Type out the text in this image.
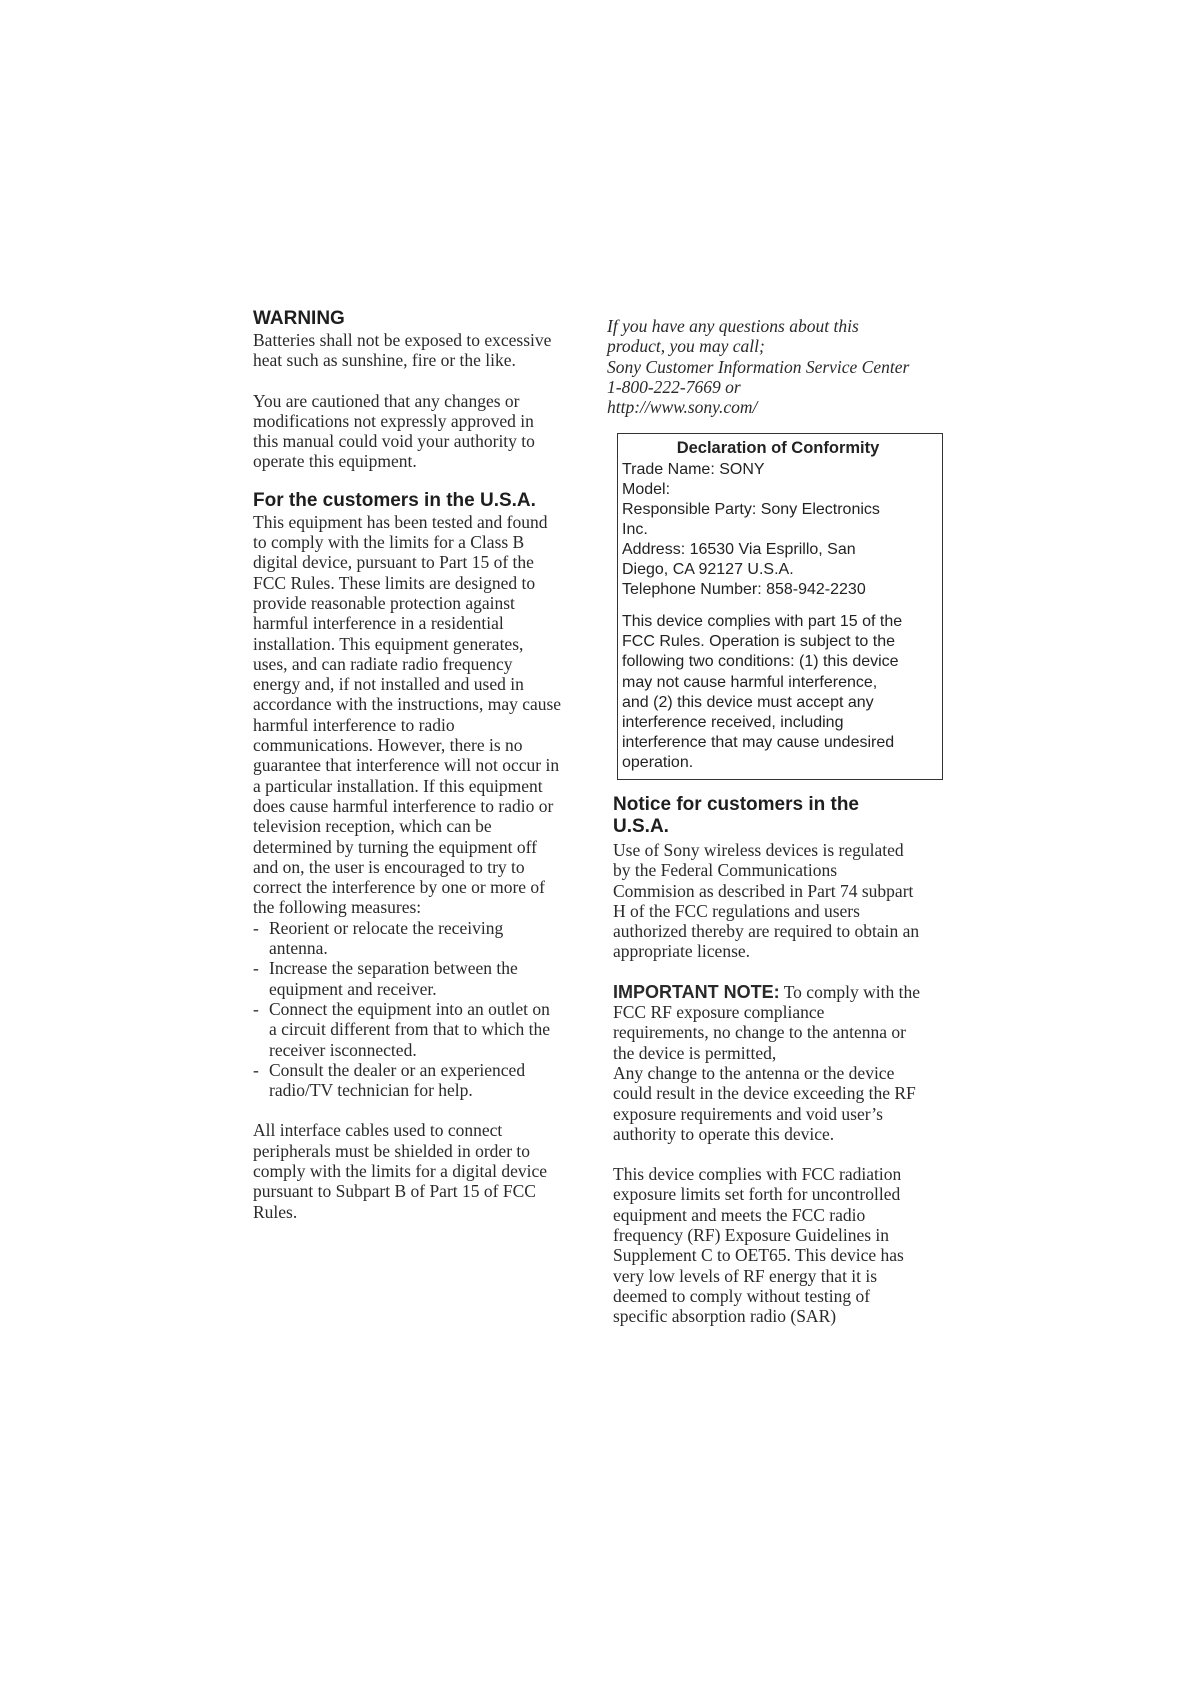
WARNING

Batteries shall not be exposed to excessive
heat such as sunshine, fire or the like.

You are cautioned that any changes or
modifications not expressly approved in
this manual could void your authority to
operate this equipment.

For the customers in the U.S.A.

This equipment has been tested and found
to comply with the limits for a Class B
digital device, pursuant to Part 15 of the
FCC Rules. These limits are designed to
provide reasonable protection against
harmful interference in a residential
installation. This equipment generates,
uses, and can radiate radio frequency
energy and, if not installed and used in
accordance with the instructions, may cause
harmful interference to radio
communications. However, there is no
guarantee that interference will not occur in
a particular installation. If this equipment
does cause harmful interference to radio or
television reception, which can be
determined by turning the equipment off
and on, the user is encouraged to try to
correct the interference by one or more of
the following measures:

- Reorient or relocate the receiving
antenna.
- Increase the separation between the
equipment and receiver.
- Connect the equipment into an outlet on
a circuit different from that to which the
receiver isconnected.
- Consult the dealer or an experienced
radio/TV technician for help.

All interface cables used to connect
peripherals must be shielded in order to
comply with the limits for a digital device
pursuant to Subpart B of Part 15 of FCC
Rules.

If you have any questions about this
product, you may call;
Sony Customer Information Service Center
1-800-222-7669 or
http://www.sony.com/
Declaration of Conformity
Trade Name: SONY
Model:
Responsible Party: Sony Electronics
Inc.
Address: 16530 Via Esprillo, San
Diego, CA 92127 U.S.A.
Telephone Number: 858-942-2230
This device complies with part 15 of the
FCC Rules. Operation is subject to the
following two conditions: (1) this device
may not cause harmful interference,
and (2) this device must accept any
interference received, including
interference that may cause undesired
operation.
Notice for customers in the
U.S.A.
Use of Sony wireless devices is regulated
by the Federal Communications
Commision as described in Part 74 subpart
H of the FCC regulations and users
authorized thereby are required to obtain an
appropriate license.
IMPORTANT NOTE: To comply with the
FCC RF exposure compliance
requirements, no change to the antenna or
the device is permitted,
Any change to the antenna or the device
could result in the device exceeding the RF
exposure requirements and void user’s
authority to operate this device.
This device complies with FCC radiation
exposure limits set forth for uncontrolled
equipment and meets the FCC radio
frequency (RF) Exposure Guidelines in
Supplement C to OET65. This device has
very low levels of RF energy that it is
deemed to comply without testing of
specific absorption radio (SAR)
